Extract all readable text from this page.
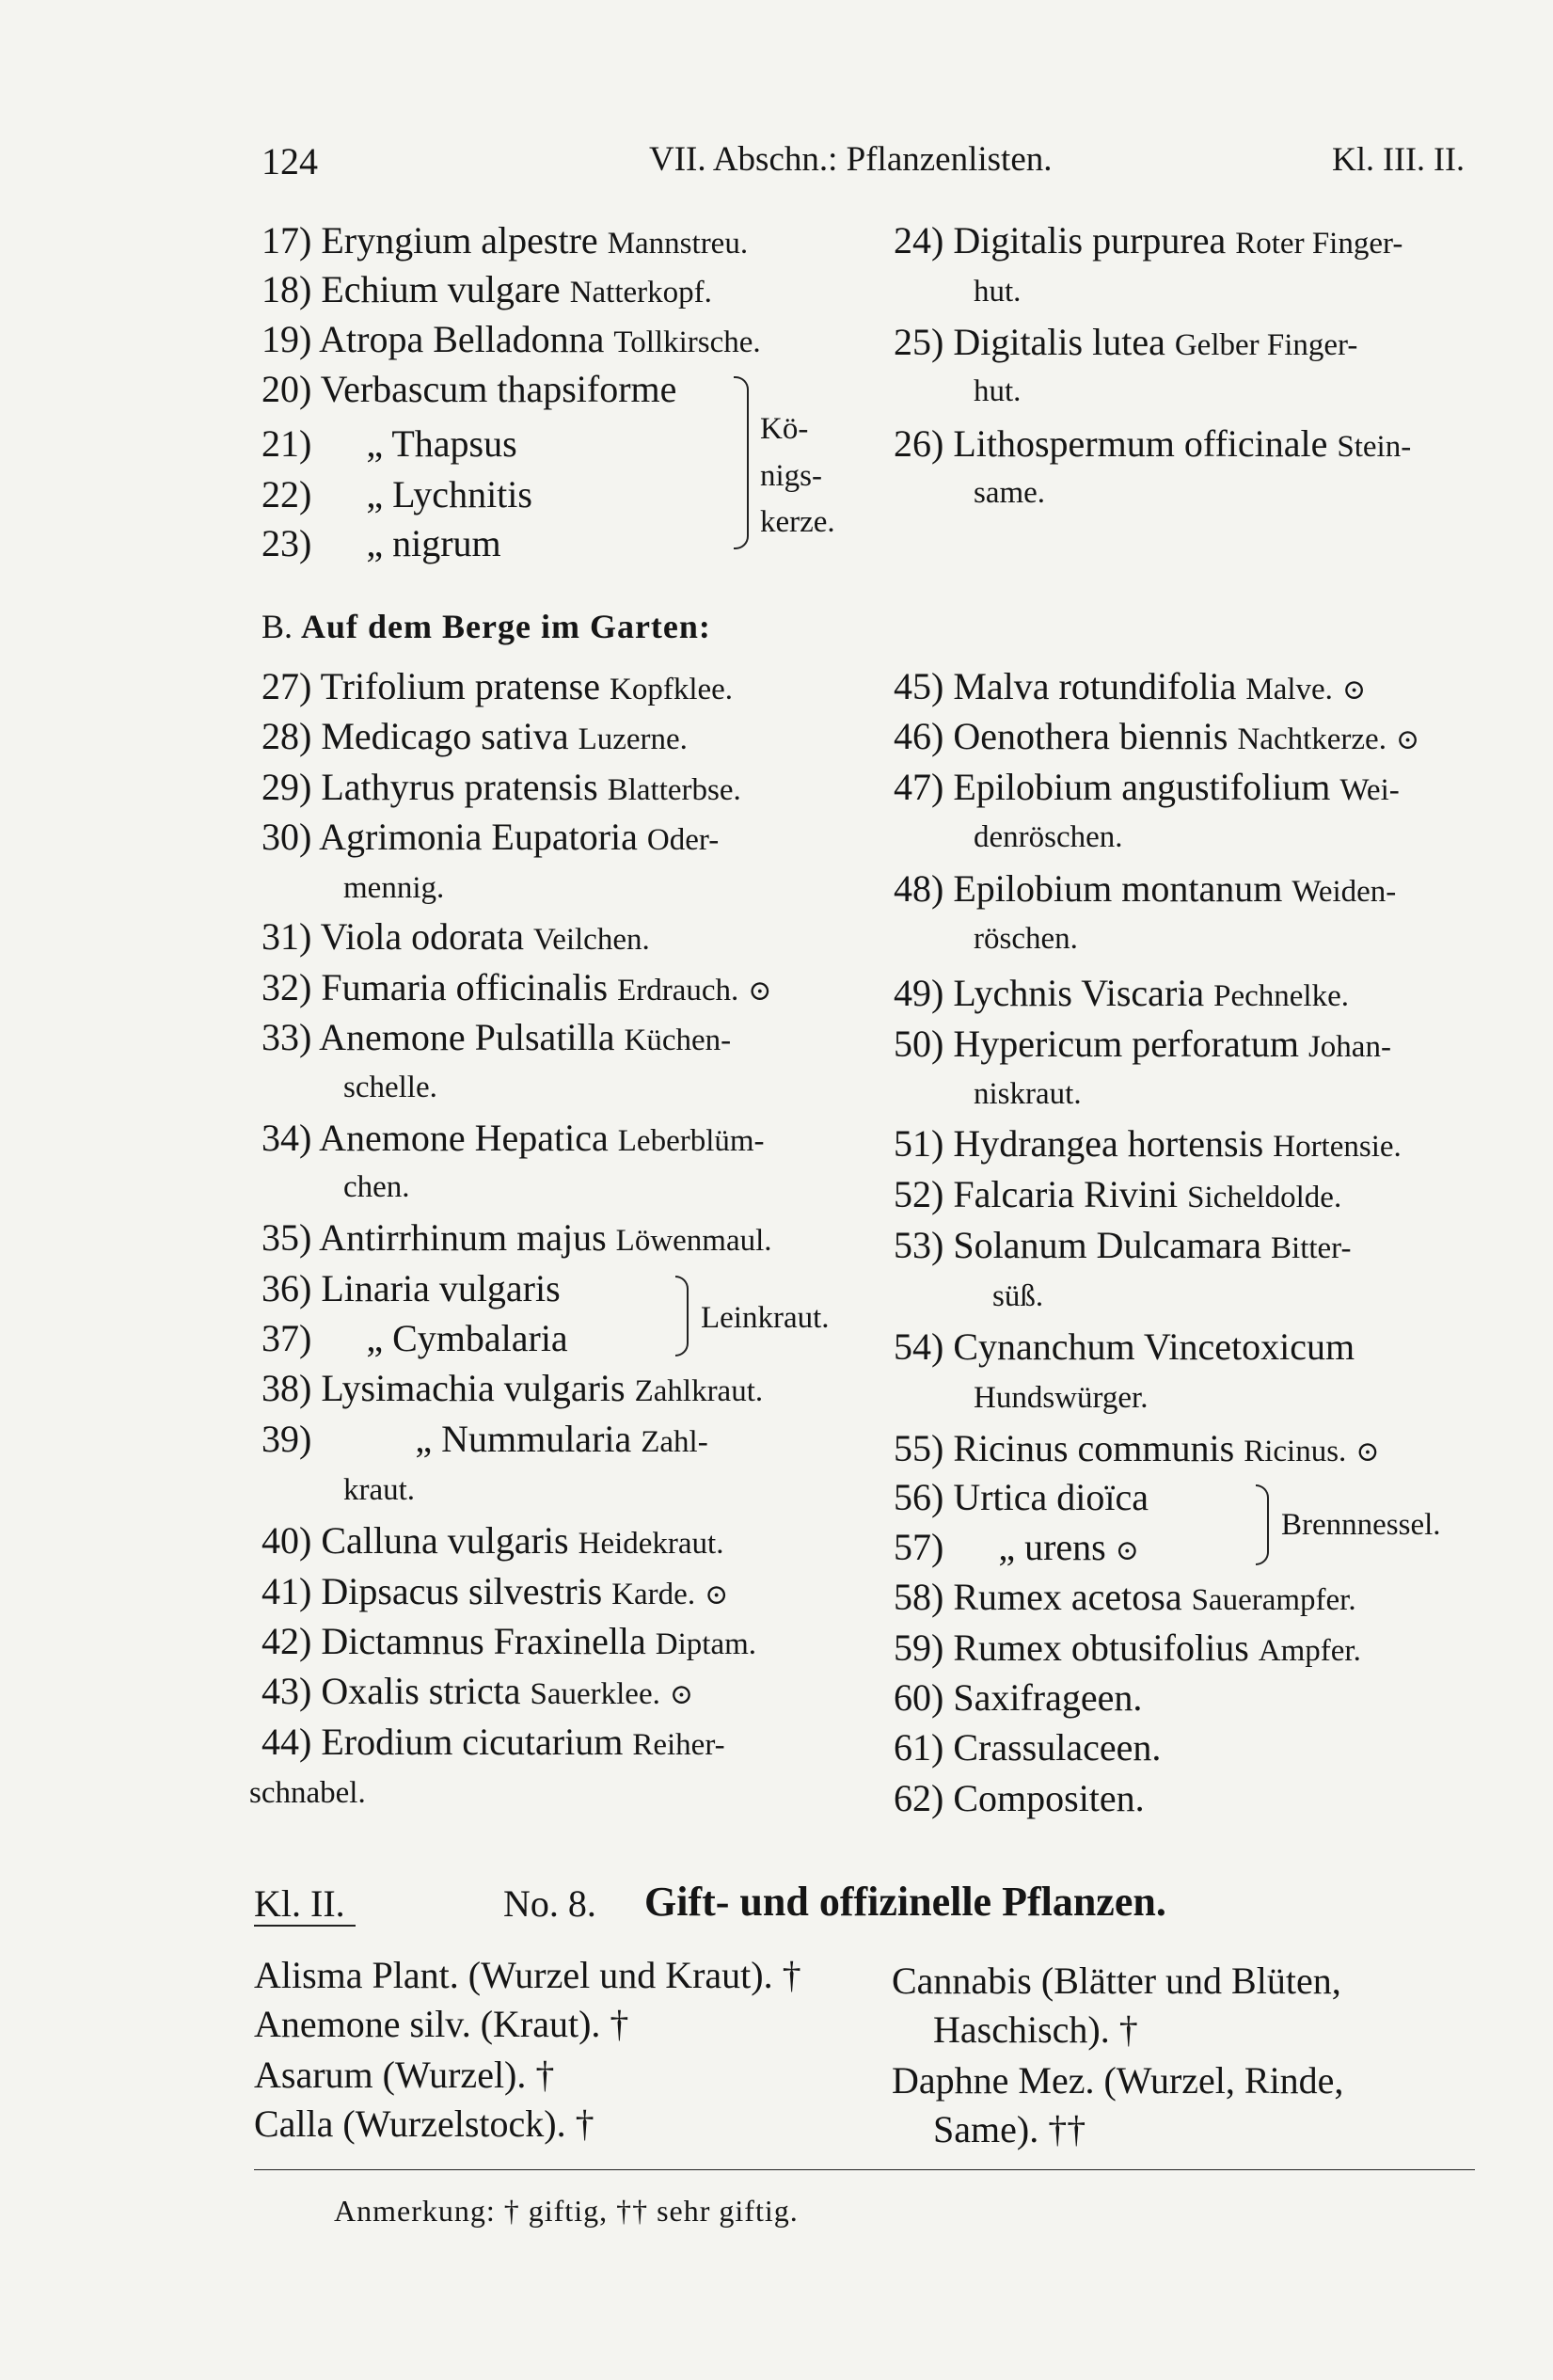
124	VII. Abschn.: Pflanzenlisten.	Kl. III. II.
17) Eryngium alpestre Mannstreu.
18) Echium vulgare Natterkopf.
19) Atropa Belladonna Tollkirsche.
20) Verbascum thapsiforme
21) „ Thapsus
22) „ Lychnitis
23) „ nigrum
Kö-
nigs-
kerze.
24) Digitalis purpurea Roter Finger-
hut.
25) Digitalis lutea Gelber Finger-
hut.
26) Lithospermum officinale Stein-
same.
B. Auf dem Berge im Garten:
27) Trifolium pratense Kopfklee.
28) Medicago sativa Luzerne.
29) Lathyrus pratensis Blatterbse.
30) Agrimonia Eupatoria Oder-
mennig.
31) Viola odorata Veilchen.
32) Fumaria officinalis Erdrauch. ⊙
33) Anemone Pulsatilla Küchen-
schelle.
34) Anemone Hepatica Leberblüm-
chen.
35) Antirrhinum majus Löwenmaul.
36) Linaria vulgaris
37) „ Cymbalaria	Leinkraut.
38) Lysimachia vulgaris Zahlkraut.
39)	„ Nummularia Zahl-
kraut.
40) Calluna vulgaris Heidekraut.
41) Dipsacus silvestris Karde. ⊙
42) Dictamnus Fraxinella Diptam.
43) Oxalis stricta Sauerklee. ⊙
44) Erodium cicutarium Reiher-
schnabel.
45) Malva rotundifolia Malve. ⊙
46) Oenothera biennis Nachtkerze. ⊙
47) Epilobium angustifolium Wei-
denröschen.
48) Epilobium montanum Weiden-
röschen.
49) Lychnis Viscaria Pechnelke.
50) Hypericum perforatum Johan-
niskraut.
51) Hydrangea hortensis Hortensie.
52) Falcaria Rivini Sicheldolde.
53) Solanum Dulcamara Bitter-
süß.
54) Cynanchum Vincetoxicum
Hundswürger.
55) Ricinus communis Ricinus. ⊙
56) Urtica dioïca
57) „ urens ⊙
Brennnessel.
58) Rumex acetosa Sauerampfer.
59) Rumex obtusifolius Ampfer.
60) Saxifrageen.
61) Crassulaceen.
62) Compositen.
Kl. II.	No. 8. Gift- und offizinelle Pflanzen.
Alisma Plant. (Wurzel und Kraut). †
Anemone silv. (Kraut). †
Asarum (Wurzel). †
Calla (Wurzelstock). †
Cannabis (Blätter und Blüten,
Haschisch). †
Daphne Mez. (Wurzel, Rinde,
Same). ††
Anmerkung: † giftig, †† sehr giftig.
